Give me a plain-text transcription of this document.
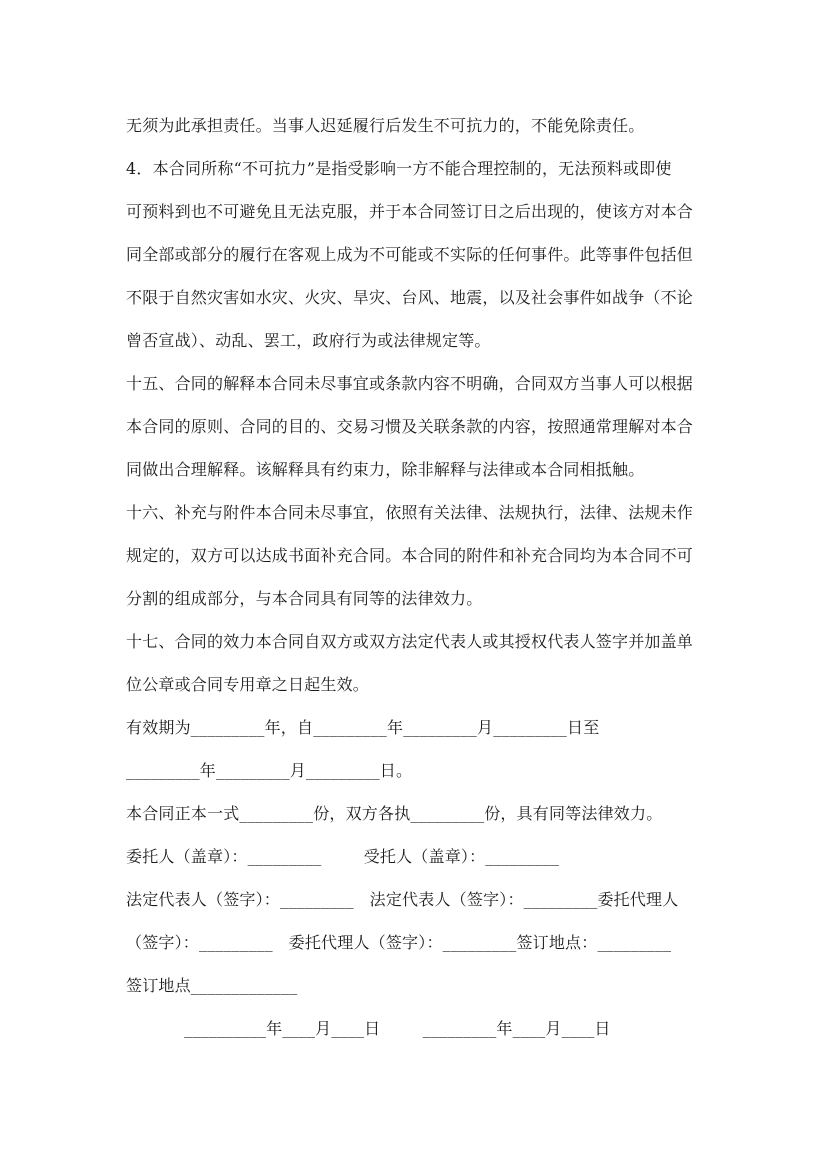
无须为此承担责任。当事人迟延履行后发生不可抗力的，不能免除责任。
4．本合同所称“不可抗力”是指受影响一方不能合理控制的，无法预料或即使
可预料到也不可避免且无法克服，并于本合同签订日之后出现的，使该方对本合
同全部或部分的履行在客观上成为不可能或不实际的任何事件。此等事件包括但
不限于自然灾害如水灾、火灾、旱灾、台风、地震，以及社会事件如战争（不论
曾否宣战）、动乱、罢工，政府行为或法律规定等。
十五、合同的解释本合同未尽事宜或条款内容不明确，合同双方当事人可以根据
本合同的原则、合同的目的、交易习惯及关联条款的内容，按照通常理解对本合
同做出合理解释。该解释具有约束力，除非解释与法律或本合同相抵触。
十六、补充与附件本合同未尽事宜，依照有关法律、法规执行，法律、法规未作
规定的，双方可以达成书面补充合同。本合同的附件和补充合同均为本合同不可
分割的组成部分，与本合同具有同等的法律效力。
十七、合同的效力本合同自双方或双方法定代表人或其授权代表人签字并加盖单
位公章或合同专用章之日起生效。
有效期为_________年，自_________年_________月_________日至
_________年_________月_________日。
本合同正本一式_________份，双方各执_________份，具有同等法律效力。
委托人（盖章）：_________        受托人（盖章）：_________
法定代表人（签字）：_________   法定代表人（签字）：_________委托代理人
（签字）：_________   委托代理人（签字）：_________签订地点：_________
签订地点_____________
__________年____月____日        _________年____月____日
